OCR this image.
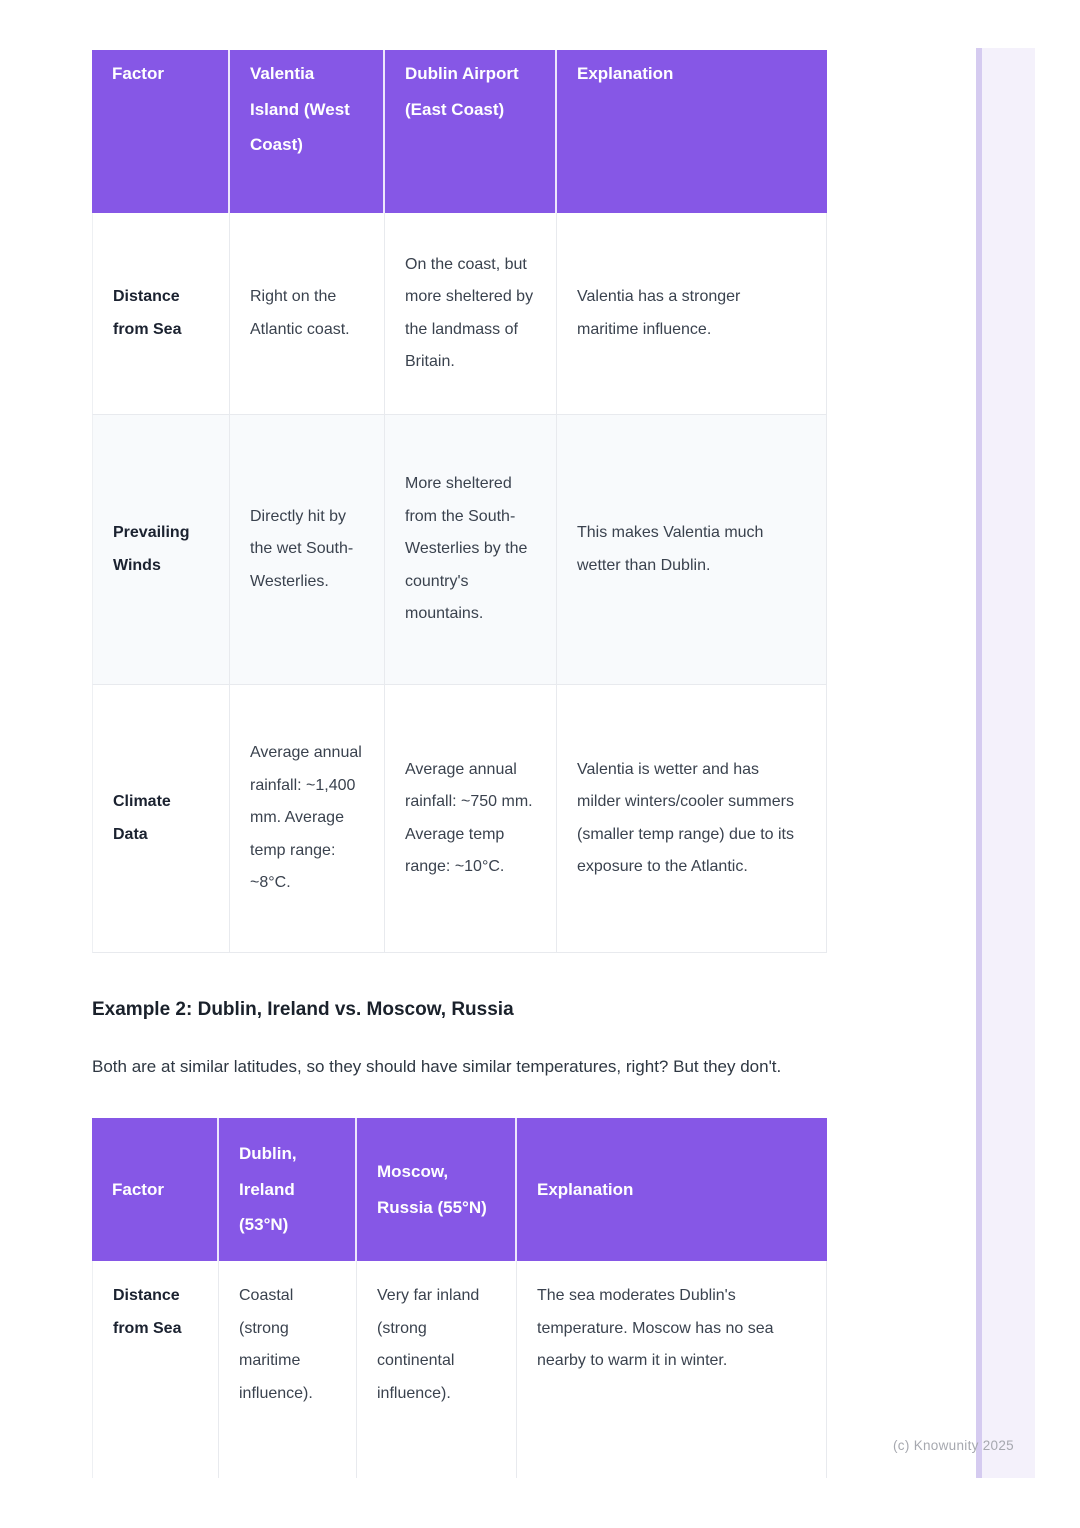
Factor	Valentia Island (West Coast)	Dublin Airport (East Coast)	Explanation
Distance from Sea	Right on the Atlantic coast.	On the coast, but more sheltered by the landmass of Britain.	Valentia has a stronger maritime influence.
Prevailing Winds	Directly hit by the wet South-Westerlies.	More sheltered from the South-Westerlies by the country's mountains.	This makes Valentia much wetter than Dublin.
Climate Data	Average annual rainfall: ~1,400 mm. Average temp range: ~8°C.	Average annual rainfall: ~750 mm. Average temp range: ~10°C.	Valentia is wetter and has milder winters/cooler summers (smaller temp range) due to its exposure to the Atlantic.
Example 2: Dublin, Ireland vs. Moscow, Russia

Both are at similar latitudes, so they should have similar temperatures, right? But they don't.

Factor	Dublin, Ireland (53°N)	Moscow, Russia (55°N)	Explanation
Distance from Sea	Coastal (strong maritime influence).	Very far inland (strong continental influence).	The sea moderates Dublin's temperature. Moscow has no sea nearby to warm it in winter.
(c) Knowunity 2025
